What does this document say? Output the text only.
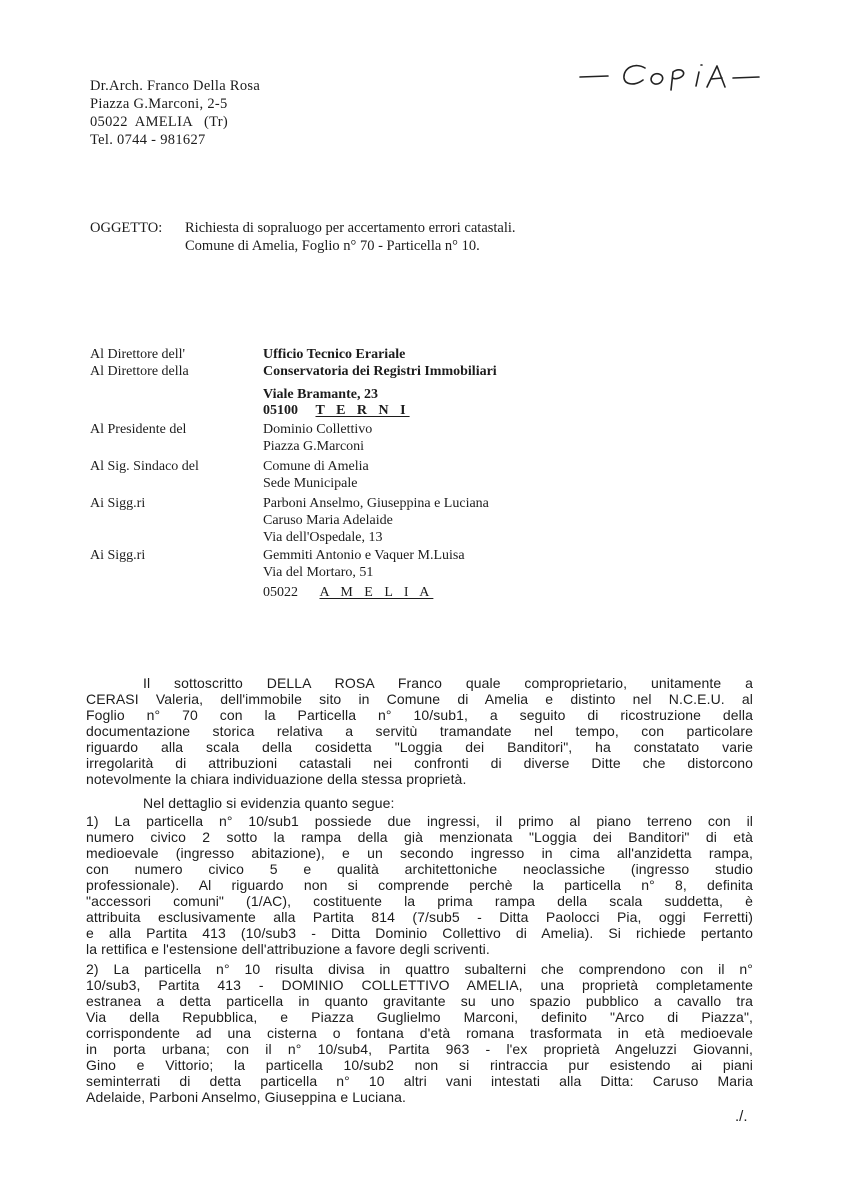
Dr.Arch. Franco Della Rosa
Piazza G.Marconi, 2-5
05022  AMELIA   (Tr)
Tel. 0744 - 981627
OGGETTO: Richiesta di sopraluogo per accertamento errori catastali.
Comune di Amelia, Foglio n° 70 - Particella n° 10.
Al Direttore dell'	Ufficio Tecnico Erariale
Al Direttore della	Conservatoria dei Registri Immobiliari
Viale Bramante, 23
05100 T E R N I
Al Presidente del	Dominio Collettivo
Piazza G.Marconi
Al Sig. Sindaco del	Comune di Amelia
Sede Municipale
Ai Sigg.ri	Parboni Anselmo, Giuseppina e Luciana
Caruso Maria Adelaide
Via dell'Ospedale, 13
Ai Sigg.ri	Gemmiti Antonio e Vaquer M.Luisa
Via del Mortaro, 51
05022 A M E L I A
Il sottoscritto DELLA ROSA Franco quale comproprietario, unitamente a
CERASI Valeria, dell'immobile sito in Comune di Amelia e distinto nel N.C.E.U. al
Foglio n° 70 con la Particella n° 10/sub1, a seguito di ricostruzione della
documentazione storica relativa a servitù tramandate nel tempo, con particolare
riguardo alla scala della cosidetta "Loggia dei Banditori", ha constatato varie
irregolarità di attribuzioni catastali nei confronti di diverse Ditte che distorcono
notevolmente la chiara individuazione della stessa proprietà.
Nel dettaglio si evidenzia quanto segue:
1) La particella n° 10/sub1 possiede due ingressi, il primo al piano terreno con il
numero civico 2 sotto la rampa della già menzionata "Loggia dei Banditori" di età
medioevale (ingresso abitazione), e un secondo ingresso in cima all'anzidetta rampa,
con numero civico 5 e qualità architettoniche neoclassiche (ingresso studio
professionale). Al riguardo non si comprende perchè la particella n° 8, definita
"accessori comuni" (1/AC), costituente la prima rampa della scala suddetta, è
attribuita esclusivamente alla Partita 814 (7/sub5 - Ditta Paolocci Pia, oggi Ferretti)
e alla Partita 413 (10/sub3 - Ditta Dominio Collettivo di Amelia). Si richiede pertanto
la rettifica e l'estensione dell'attribuzione a favore degli scriventi.
2) La particella n° 10 risulta divisa in quattro subalterni che comprendono con il n°
10/sub3, Partita 413 - DOMINIO COLLETTIVO AMELIA, una proprietà completamente
estranea a detta particella in quanto gravitante su uno spazio pubblico a cavallo tra
Via della Repubblica, e Piazza Guglielmo Marconi, definito "Arco di Piazza",
corrispondente ad una cisterna o fontana d'età romana trasformata in età medioevale
in porta urbana; con il n° 10/sub4, Partita 963 - l'ex proprietà Angeluzzi Giovanni,
Gino e Vittorio; la particella 10/sub2 non si rintraccia pur esistendo ai piani
seminterrati di detta particella n° 10 altri vani intestati alla Ditta: Caruso Maria
Adelaide, Parboni Anselmo, Giuseppina e Luciana.
./.
